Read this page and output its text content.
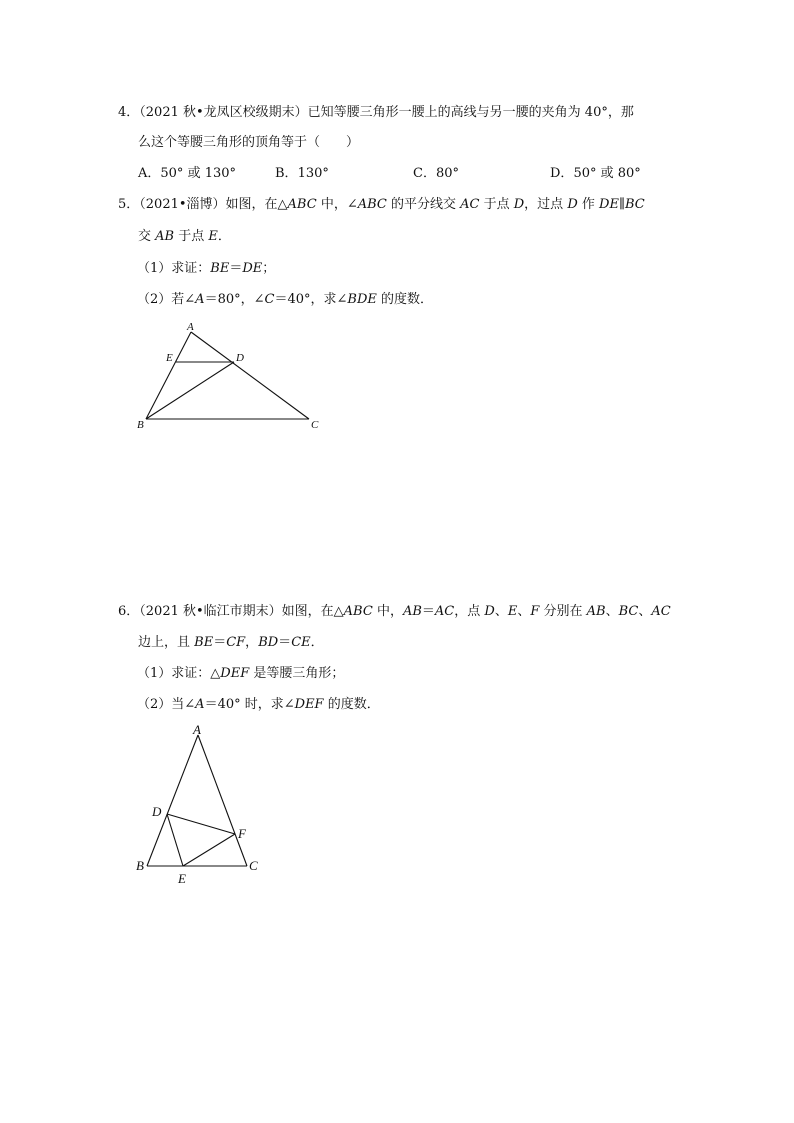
4．（2021 秋•龙凤区校级期末）已知等腰三角形一腰上的高线与另一腰的夹角为 40°，那
么这个等腰三角形的顶角等于（　　）
A．50° 或 130°	B．130°	C．80°	D．50° 或 80°
5．（2021•淄博）如图，在△ABC 中，∠ABC 的平分线交 AC 于点 D，过点 D 作 DE∥BC
交 AB 于点 E．
（1）求证：BE＝DE；
（2）若∠A＝80°，∠C＝40°，求∠BDE 的度数．
A
B	C
D
E
6．（2021 秋•临江市期末）如图，在△ABC 中，AB＝AC，点 D、E、F 分别在 AB、BC、AC
边上，且 BE＝CF，BD＝CE．
（1）求证：△DEF 是等腰三角形；
（2）当∠A＝40° 时，求∠DEF 的度数．
A
B	C
D
E
F
